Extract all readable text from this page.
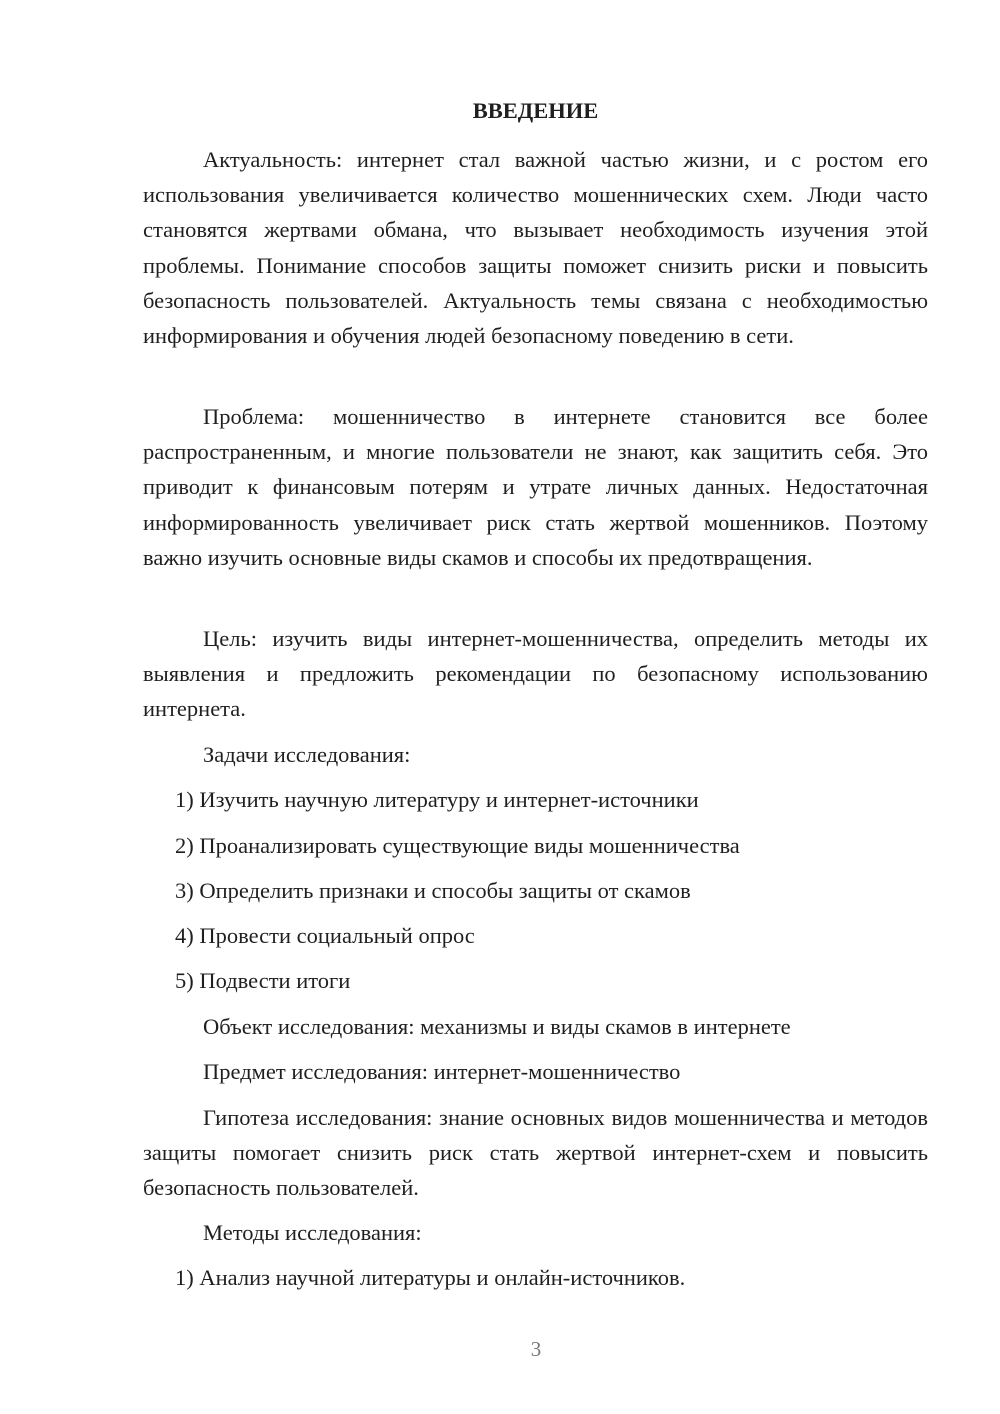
ВВЕДЕНИЕ
Актуальность: интернет стал важной частью жизни, и с ростом его использования увеличивается количество мошеннических схем. Люди часто становятся жертвами обмана, что вызывает необходимость изучения этой проблемы. Понимание способов защиты поможет снизить риски и повысить безопасность пользователей. Актуальность темы связана с необходимостью информирования и обучения людей безопасному поведению в сети.
Проблема: мошенничество в интернете становится все более распространенным, и многие пользователи не знают, как защитить себя. Это приводит к финансовым потерям и утрате личных данных. Недостаточная информированность увеличивает риск стать жертвой мошенников. Поэтому важно изучить основные виды скамов и способы их предотвращения.
Цель: изучить виды интернет-мошенничества, определить методы их выявления и предложить рекомендации по безопасному использованию интернета.
Задачи исследования:
1) Изучить научную литературу и интернет-источники
2) Проанализировать существующие виды мошенничества
3) Определить признаки и способы защиты от скамов
4) Провести социальный опрос
5) Подвести итоги
Объект исследования: механизмы и виды скамов в интернете
Предмет исследования: интернет-мошенничество
Гипотеза исследования: знание основных видов мошенничества и методов защиты помогает снизить риск стать жертвой интернет-схем и повысить безопасность пользователей.
Методы исследования:
1) Анализ научной литературы и онлайн-источников.
3
